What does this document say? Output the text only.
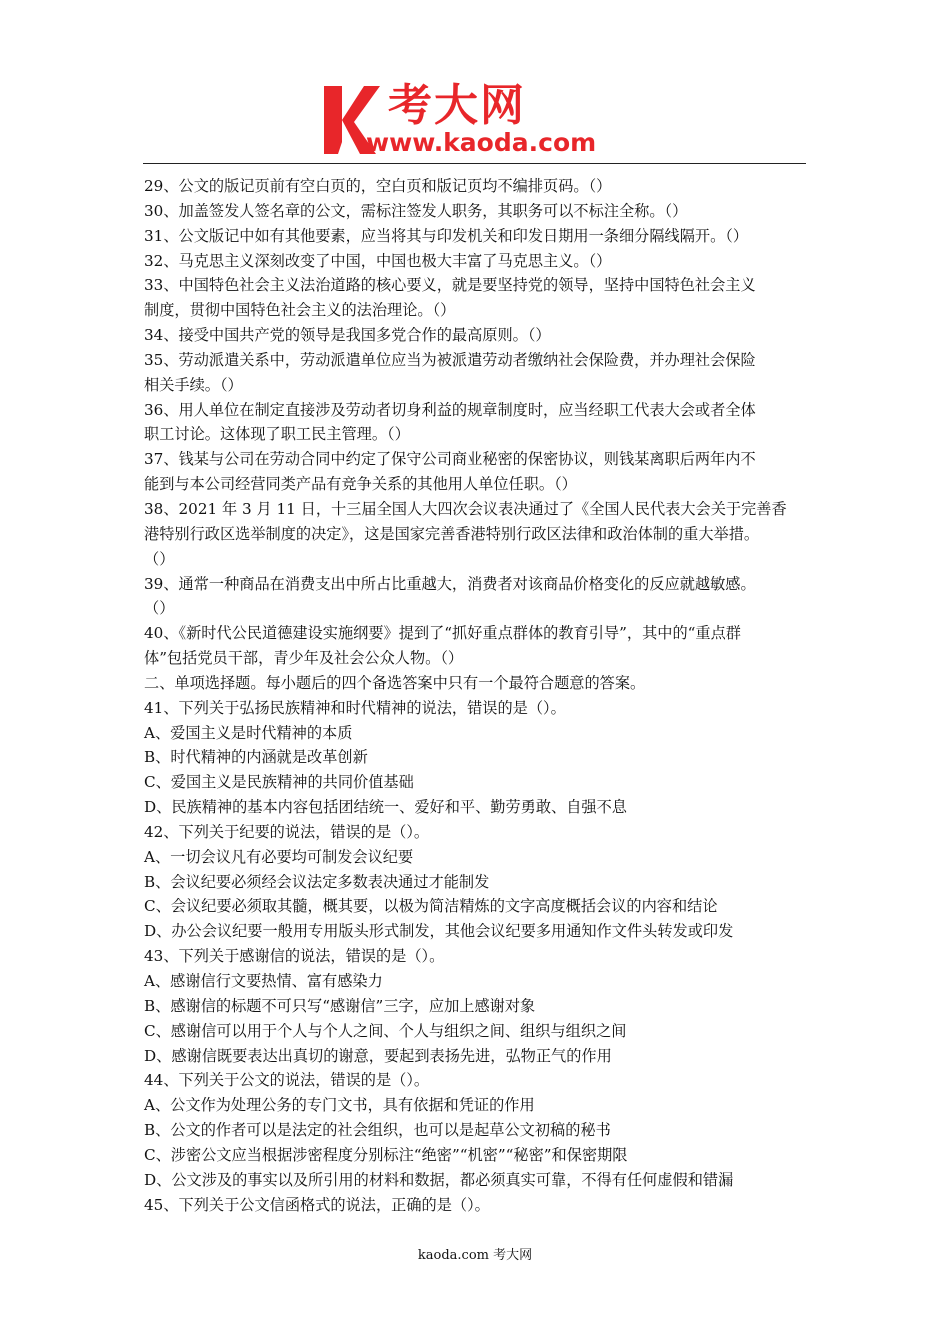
考大网
www.kaoda.com
29、公文的版记页前有空白页的，空白页和版记页均不编排页码。（）
30、加盖签发人签名章的公文，需标注签发人职务，其职务可以不标注全称。（）
31、公文版记中如有其他要素，应当将其与印发机关和印发日期用一条细分隔线隔开。（）
32、马克思主义深刻改变了中国，中国也极大丰富了马克思主义。（）
33、中国特色社会主义法治道路的核心要义，就是要坚持党的领导，坚持中国特色社会主义
制度，贯彻中国特色社会主义的法治理论。（）
34、接受中国共产党的领导是我国多党合作的最高原则。（）
35、劳动派遣关系中，劳动派遣单位应当为被派遣劳动者缴纳社会保险费，并办理社会保险
相关手续。（）
36、用人单位在制定直接涉及劳动者切身利益的规章制度时，应当经职工代表大会或者全体
职工讨论。这体现了职工民主管理。（）
37、钱某与公司在劳动合同中约定了保守公司商业秘密的保密协议，则钱某离职后两年内不
能到与本公司经营同类产品有竞争关系的其他用人单位任职。（）
38、2021 年 3 月 11 日，十三届全国人大四次会议表决通过了《全国人民代表大会关于完善香
港特别行政区选举制度的决定》，这是国家完善香港特别行政区法律和政治体制的重大举措。
（）
39、通常一种商品在消费支出中所占比重越大，消费者对该商品价格变化的反应就越敏感。
（）
40、《新时代公民道德建设实施纲要》提到了“抓好重点群体的教育引导”，其中的“重点群
体”包括党员干部，青少年及社会公众人物。（）
二、单项选择题。每小题后的四个备选答案中只有一个最符合题意的答案。
41、下列关于弘扬民族精神和时代精神的说法，错误的是（）。
A、爱国主义是时代精神的本质
B、时代精神的内涵就是改革创新
C、爱国主义是民族精神的共同价值基础
D、民族精神的基本内容包括团结统一、爱好和平、勤劳勇敢、自强不息
42、下列关于纪要的说法，错误的是（）。
A、一切会议凡有必要均可制发会议纪要
B、会议纪要必须经会议法定多数表决通过才能制发
C、会议纪要必须取其髓，概其要，以极为简洁精炼的文字高度概括会议的内容和结论
D、办公会议纪要一般用专用版头形式制发，其他会议纪要多用通知作文件头转发或印发
43、下列关于感谢信的说法，错误的是（）。
A、感谢信行文要热情、富有感染力
B、感谢信的标题不可只写“感谢信”三字，应加上感谢对象
C、感谢信可以用于个人与个人之间、个人与组织之间、组织与组织之间
D、感谢信既要表达出真切的谢意，要起到表扬先进，弘物正气的作用
44、下列关于公文的说法，错误的是（）。
A、公文作为处理公务的专门文书，具有依据和凭证的作用
B、公文的作者可以是法定的社会组织，也可以是起草公文初稿的秘书
C、涉密公文应当根据涉密程度分别标注“绝密”“机密”“秘密”和保密期限
D、公文涉及的事实以及所引用的材料和数据，都必须真实可靠，不得有任何虚假和错漏
45、下列关于公文信函格式的说法，正确的是（）。
kaoda.com 考大网
